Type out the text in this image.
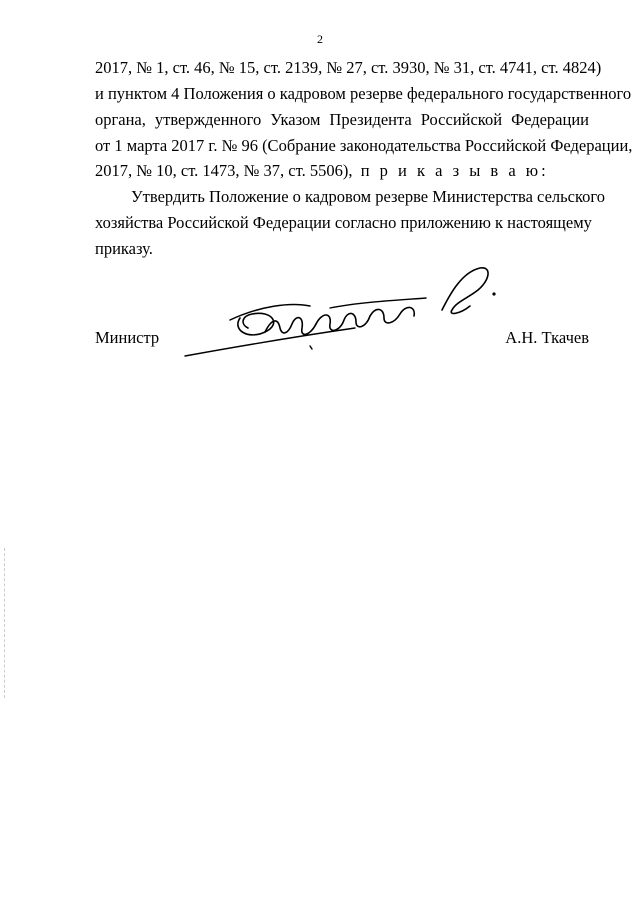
2
2017, № 1, ст. 46, № 15, ст. 2139, № 27, ст. 3930, № 31, ст. 4741, ст. 4824)
и пунктом 4 Положения о кадровом резерве федерального государственного
органа, утвержденного Указом Президента Российской Федерации
от 1 марта 2017 г. № 96 (Собрание законодательства Российской Федерации,
2017, № 10, ст. 1473, № 37, ст. 5506), п р и к а з ы в а ю:
Утвердить Положение о кадровом резерве Министерства сельского
хозяйства Российской Федерации согласно приложению к настоящему
приказу.
Министр	А.Н. Ткачев
